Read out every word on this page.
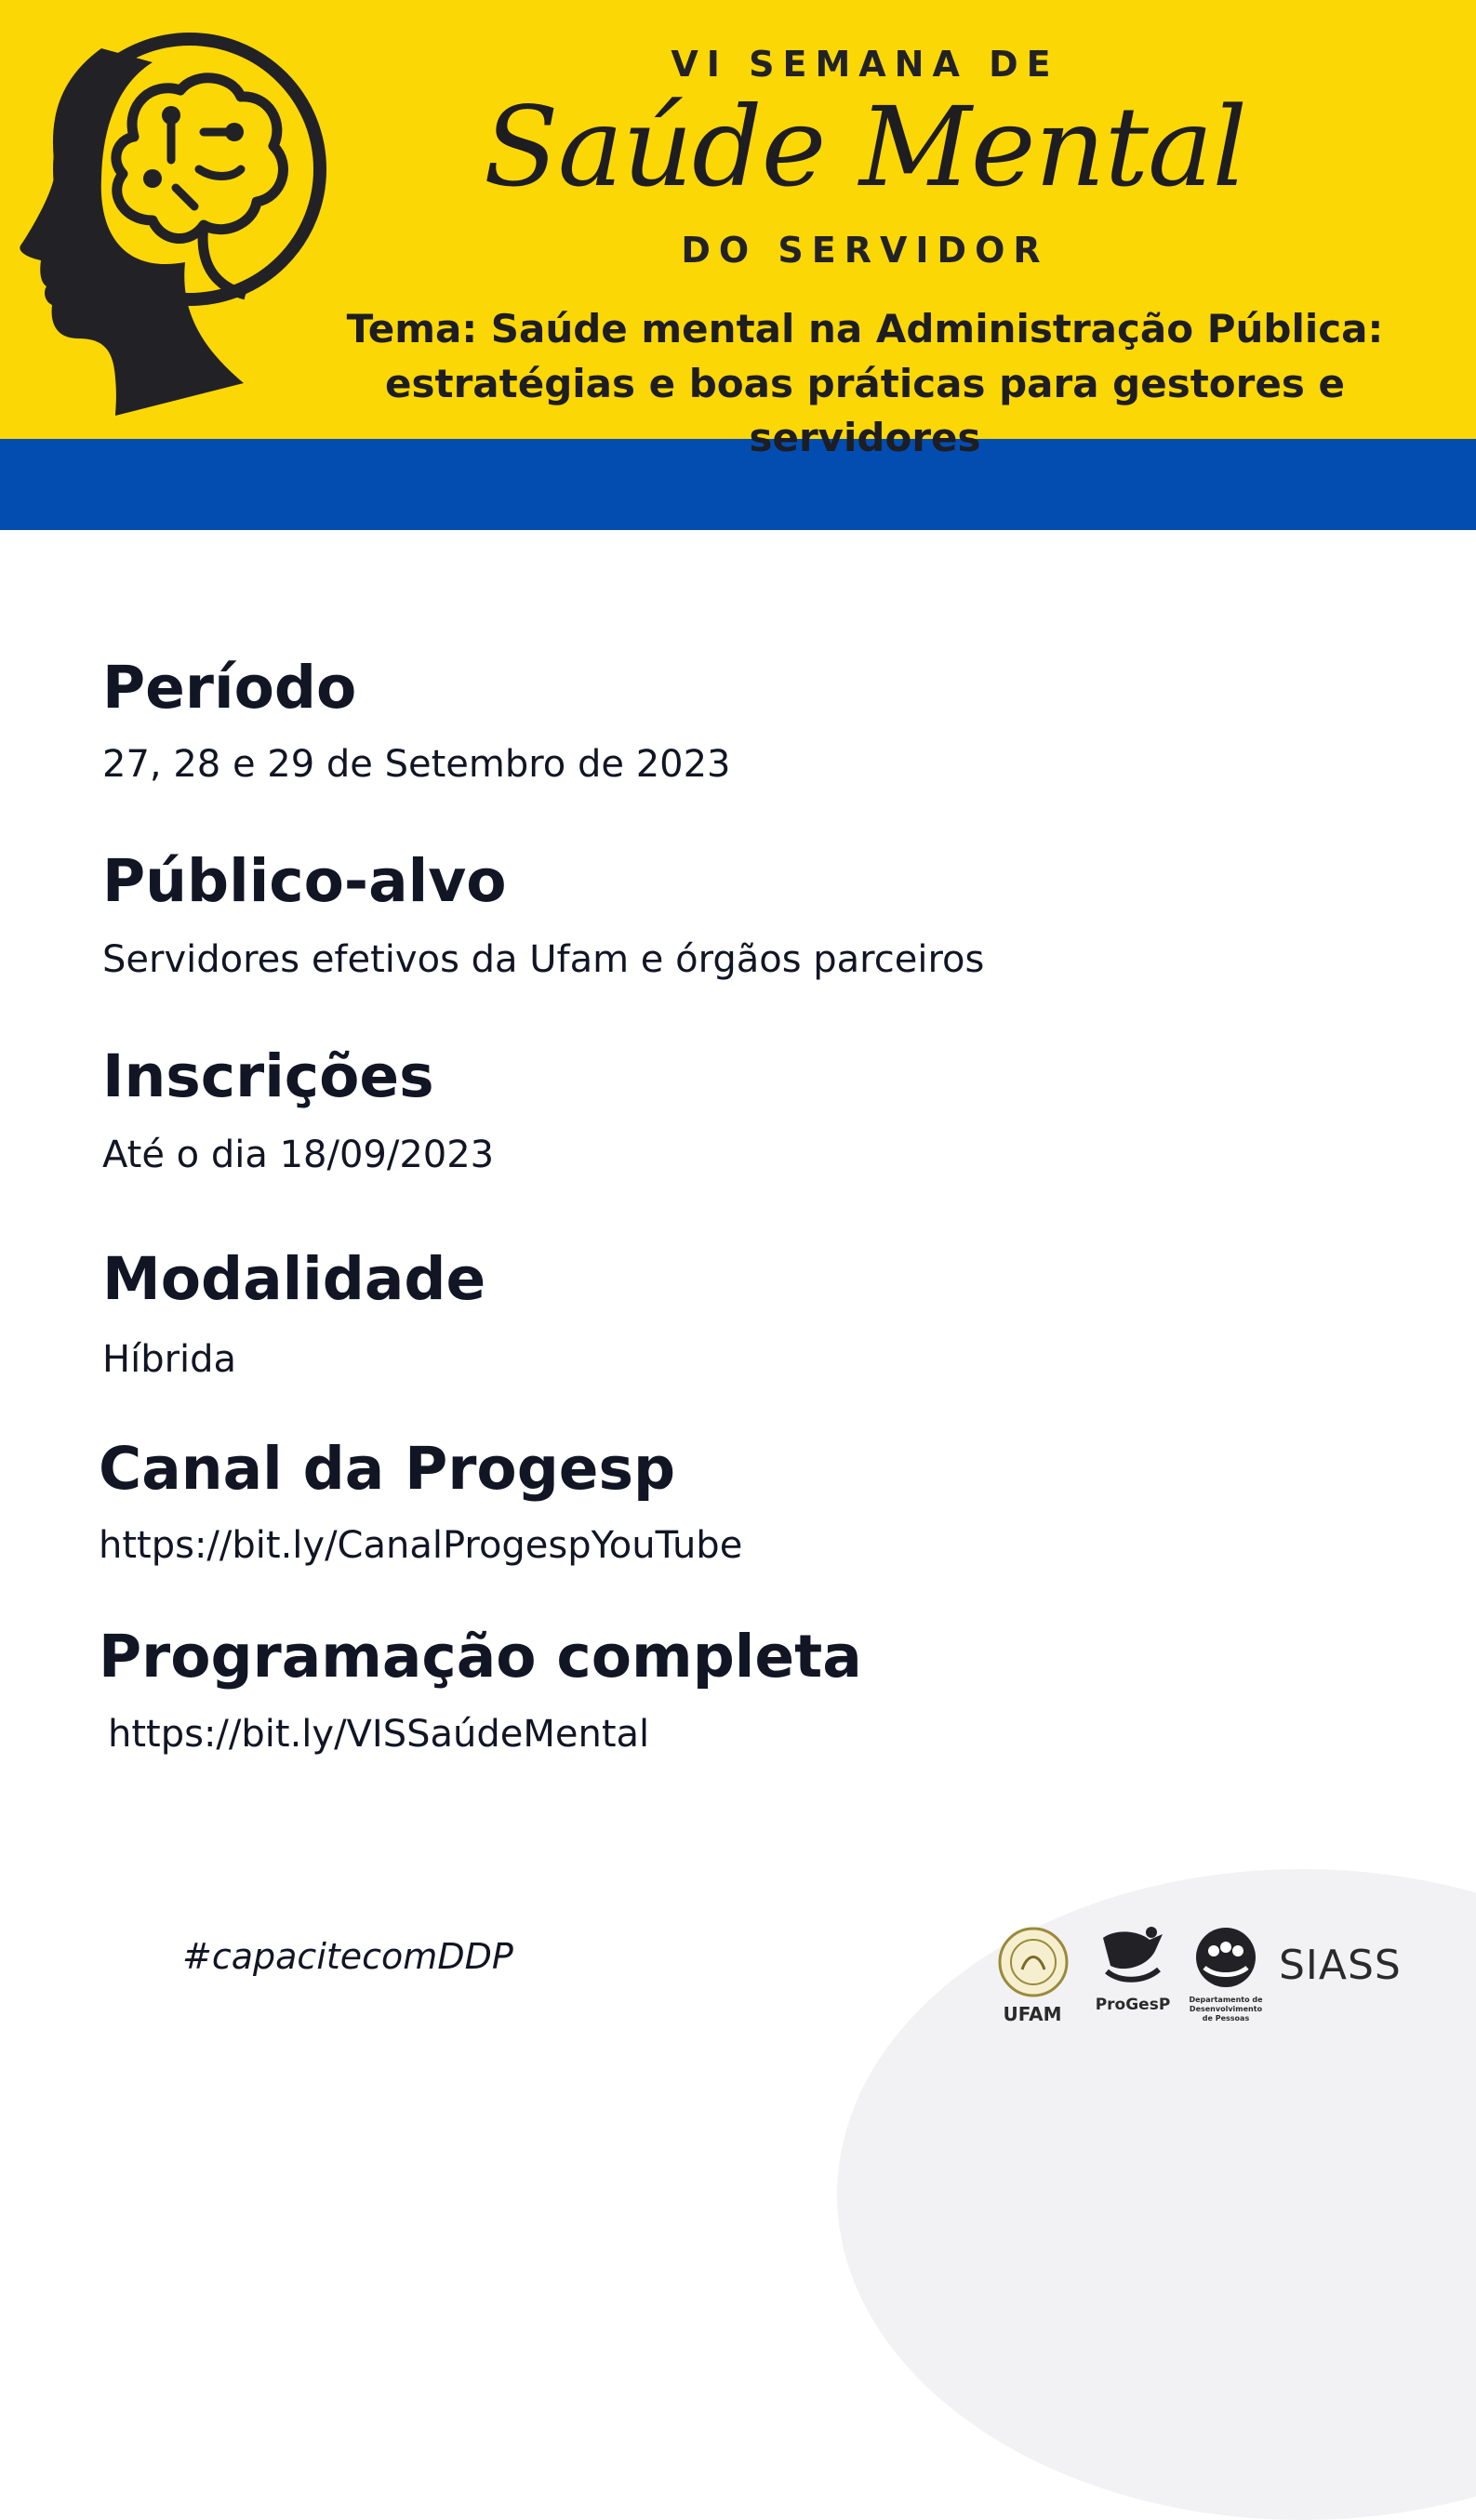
VI SEMANA DE
Saúde Mental
DO SERVIDOR
Tema: Saúde mental na Administração Pública:
estratégias e boas práticas para gestores e servidores
Período
27, 28 e 29 de Setembro de 2023
Público-alvo
Servidores efetivos da Ufam e órgãos parceiros
Inscrições
Até o dia 18/09/2023
Modalidade
Híbrida
Canal da Progesp
https://bit.ly/CanalProgespYouTube
Programação completa
https://bit.ly/VISSaúdeMental
#capacitecomDDP
UFAM	ProGesP	Departamento de
Desenvolvimento
de Pessoas
SIASS
